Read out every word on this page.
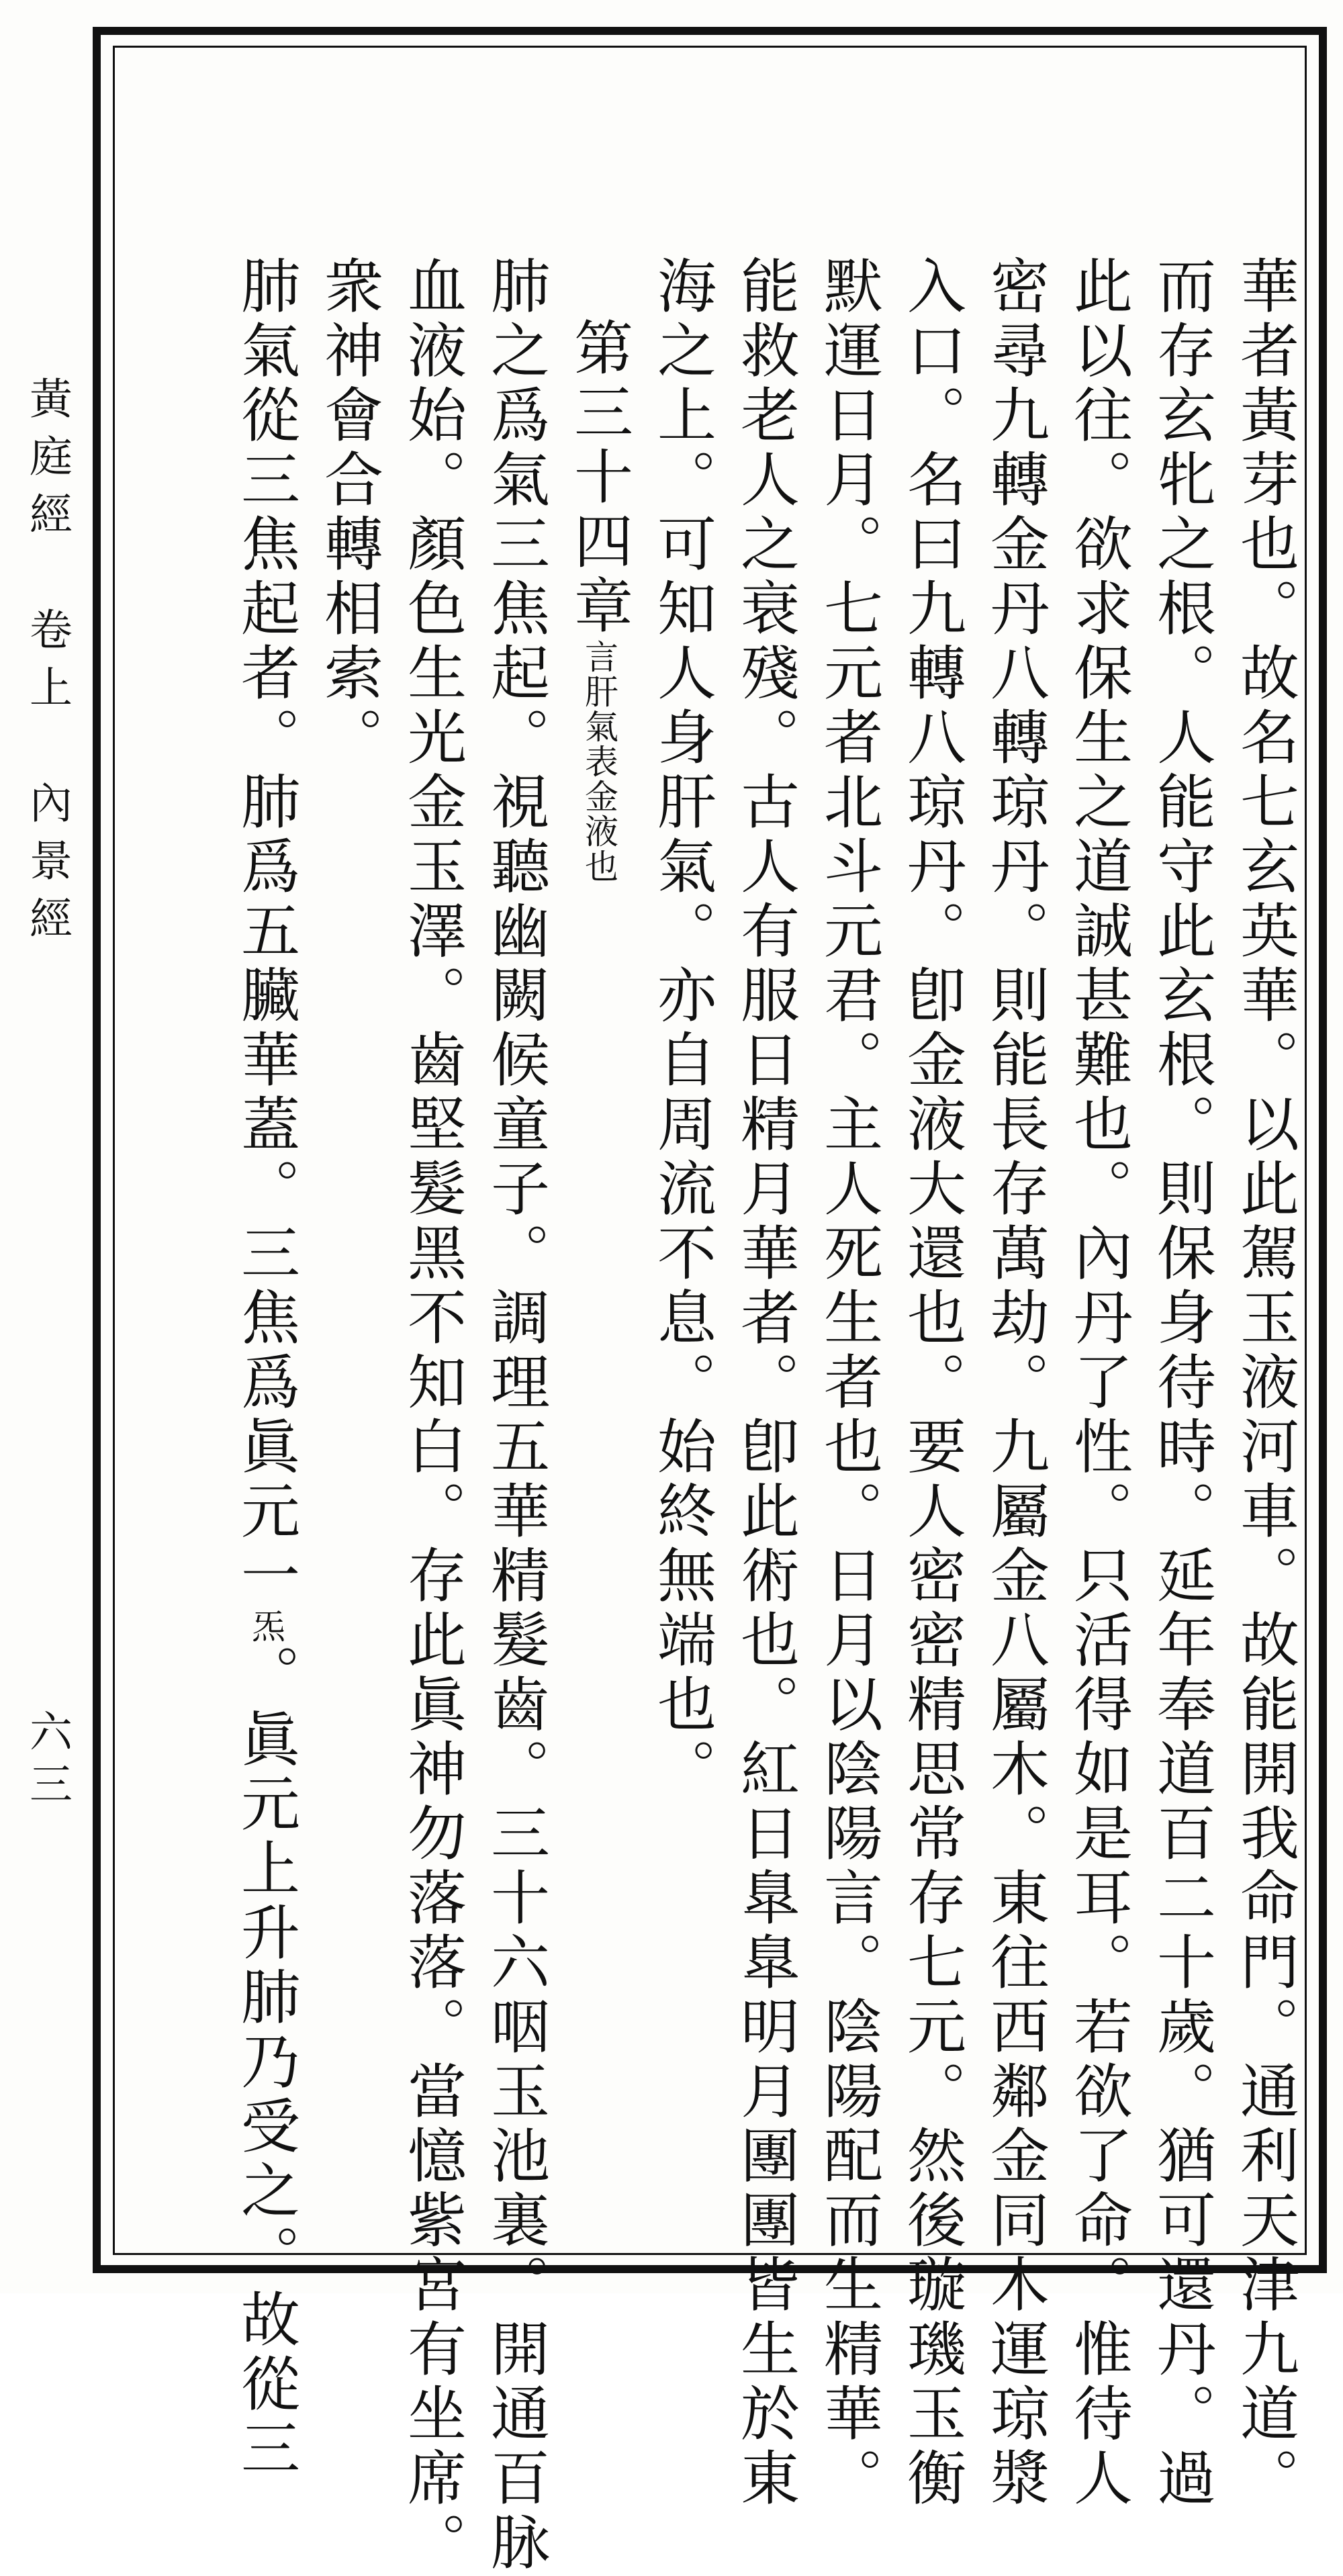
黃庭經　卷上　內景經
六三	華者黃芽也。故名七玄英華。以此駕玉液河車。故能開我命門。通利天津九道。
而存玄牝之根。人能守此玄根。則保身待時。延年奉道百二十歲。猶可還丹。過
此以往。欲求保生之道誠甚難也。內丹了性。只活得如是耳。若欲了命。惟待人
密尋九轉金丹八轉琼丹。則能長存萬劫。九屬金八屬木。東往西鄰金同木運琼漿
入口。名曰九轉八琼丹。卽金液大還也。要人密密精思常存七元。然後璇璣玉衡
默運日月。七元者北斗元君。主人死生者也。日月以陰陽言。陰陽配而生精華。
能救老人之衰殘。古人有服日精月華者。卽此術也。紅日臯臯明月團團皆生於東
海之上。可知人身肝氣。亦自周流不息。始終無端也。
第三十四章言肝氣表金液也
肺之爲氣三焦起。視聽幽闕候童子。調理五華精髮齒。三十六咽玉池裏。開通百脉
血液始。顏色生光金玉澤。齒堅髮黑不知白。存此眞神勿落落。當憶紫宮有坐席。
衆神會合轉相索。
肺氣從三焦起者。肺爲五臟華蓋。三焦爲眞元一炁。眞元上升肺乃受之。故從三
